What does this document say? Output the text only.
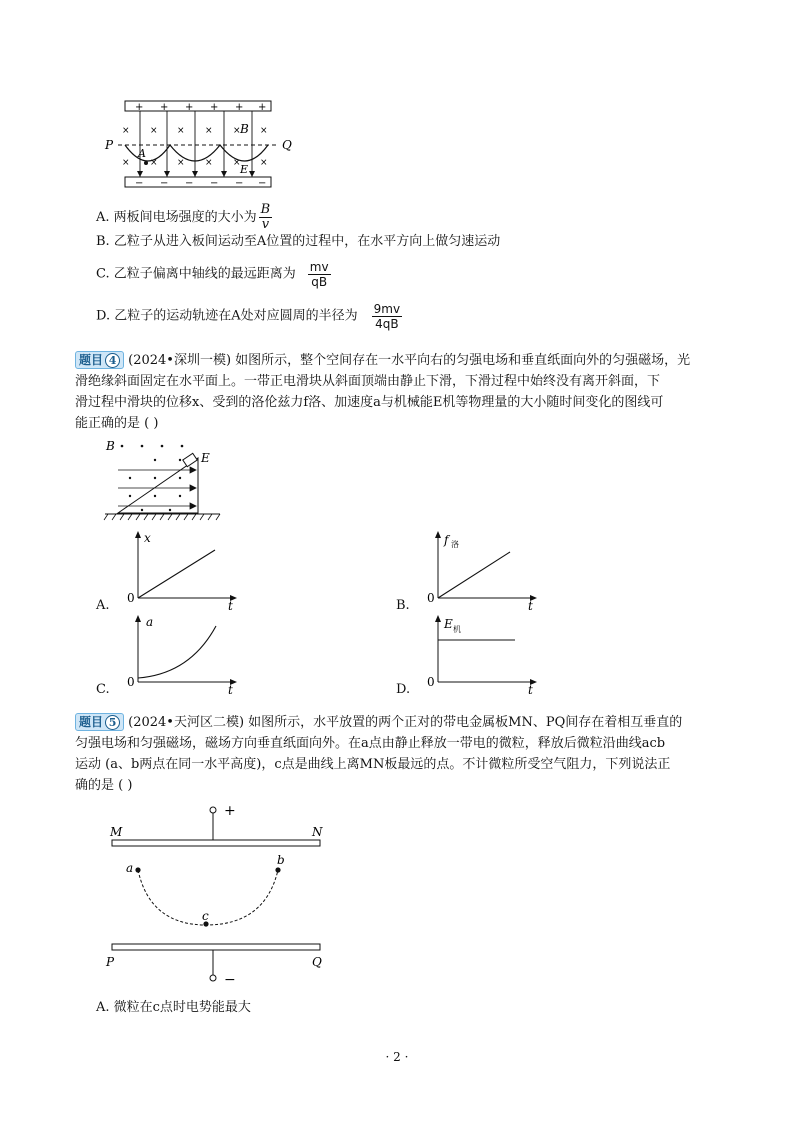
+ + + + + +
− − − − − −
× × × × × ×
× × × × × ×
P	Q
A
B
E
A. 两板间电场强度的大小为 $\frac{B}{v}$
B. 乙粒子从进入板间运动至A位置的过程中，在水平方向上做匀速运动
C. 乙粒子偏离中轴线的最远距离为 $\frac{mv}{qB}$
D. 乙粒子的运动轨迹在A处对应圆周的半径为 $\frac{9mv}{4qB}$
题目 4 (2024•深圳一模) 如图所示，整个空间存在一水平向右的匀强电场和垂直纸面向外的匀强磁场，光
滑绝缘斜面固定在水平面上。一带正电滑块从斜面顶端由静止下滑，下滑过程中始终没有离开斜面，下
滑过程中滑块的位移x、受到的洛伦兹力f洛、加速度a与机械能E机等物理量的大小随时间变化的图线可
能正确的是 ( )
B
E
A.
x
t
0	B.
f 洛
t
0
C.
a
t
0	D.
E 机
t
0
题目 5 (2024•天河区二模) 如图所示，水平放置的两个正对的带电金属板MN、PQ间存在着相互垂直的
匀强电场和匀强磁场，磁场方向垂直纸面向外。在a点由静止释放一带电的微粒，释放后微粒沿曲线acb
运动 (a、b两点在同一水平高度)，c点是曲线上离MN板最远的点。不计微粒所受空气阻力，下列说法正
确的是 ( )
+
M	N
P	Q
−
a
b
c
A. 微粒在c点时电势能最大
· 2 ·
